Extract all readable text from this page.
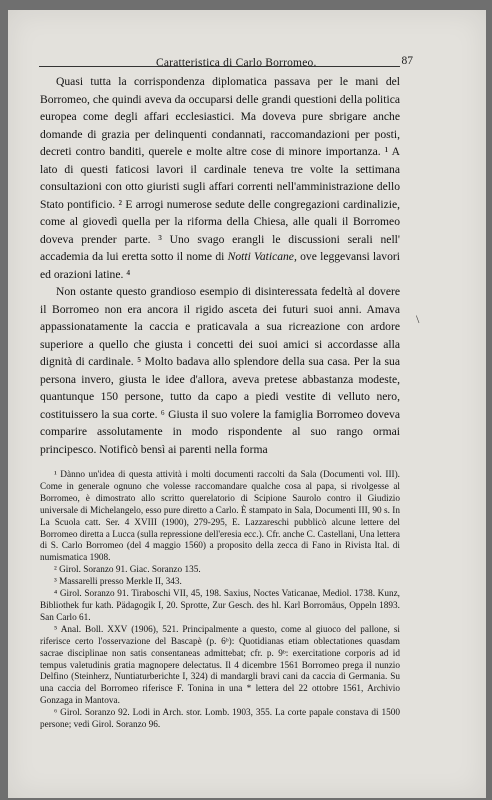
Caratteristica di Carlo Borromeo.	87

Quasi tutta la corrispondenza diplomatica passava per le mani del Borromeo, che quindi aveva da occuparsi delle grandi questioni della politica europea come degli affari ecclesiastici. Ma doveva pure sbrigare anche domande di grazia per delinquenti condannati, raccomandazioni per posti, decreti contro banditi, querele e molte altre cose di minore importanza. ¹ A lato di questi faticosi lavori il cardinale teneva tre volte la settimana consultazioni con otto giuristi sugli affari correnti nell'amministrazione dello Stato pontificio. ² E arrogi numerose sedute delle congregazioni cardinalizie, come al giovedì quella per la riforma della Chiesa, alle quali il Borromeo doveva prender parte. ³ Uno svago erangli le discussioni serali nell' accademia da lui eretta sotto il nome di Notti Vaticane, ove leggevansi lavori ed orazioni latine. ⁴

Non ostante questo grandioso esempio di disinteressata fedeltà al dovere il Borromeo non era ancora il rigido asceta dei futuri suoi anni. Amava appassionatamente la caccia e praticavala a sua ricreazione con ardore superiore a quello che giusta i concetti dei suoi amici si accordasse alla dignità di cardinale. ⁵ Molto badava allo splendore della sua casa. Per la sua persona invero, giusta le idee d'allora, aveva pretese abbastanza modeste, quantunque 150 persone, tutto da capo a piedi vestite di velluto nero, costituissero la sua corte. ⁶ Giusta il suo volere la famiglia Borromeo doveva comparire assolutamente in modo rispondente al suo rango ormai principesco. Notificò bensì ai parenti nella forma

\

¹ Dànno un'idea di questa attività i molti documenti raccolti da Sala (Documenti vol. III). Come in generale ognuno che volesse raccomandare qualche cosa al papa, si rivolgesse al Borromeo, è dimostrato allo scritto querelatorio di Scipione Saurolo contro il Giudizio universale di Michelangelo, esso pure diretto a Carlo. È stampato in Sala, Documenti III, 90 s. In La Scuola catt. Ser. 4 XVIII (1900), 279-295, E. Lazzareschi pubblicò alcune lettere del Borromeo diretta a Lucca (sulla repressione dell'eresia ecc.). Cfr. anche C. Castellani, Una lettera di S. Carlo Borromeo (del 4 maggio 1560) a proposito della zecca di Fano in Rivista Ital. di numismatica 1908.

² Girol. Soranzo 91. Giac. Soranzo 135.

³ Massarelli presso Merkle II, 343.

⁴ Girol. Soranzo 91. Tiraboschi VII, 45, 198. Saxius, Noctes Vaticanae, Mediol. 1738. Kunz, Bibliothek fur kath. Pädagogik I, 20. Sprotte, Zur Gesch. des hl. Karl Borromäus, Oppeln 1893. San Carlo 61.

⁵ Anal. Boll. XXV (1906), 521. Principalmente a questo, come al giuoco del pallone, si riferisce certo l'osservazione del Bascapè (p. 6ᵇ): Quotidianas etiam oblectationes quasdam sacrae disciplinae non satis consentaneas admittebat; cfr. p. 9ᵇ: exercitatione corporis ad id tempus valetudinis gratia magnopere delectatus. Il 4 dicembre 1561 Borromeo prega il nunzio Delfino (Steinherz, Nuntiaturberichte I, 324) di mandargli bravi cani da caccia di Germania. Su una caccia del Borromeo riferisce F. Tonina in una * lettera del 22 ottobre 1561, Archivio Gonzaga in Mantova.

⁶ Girol. Soranzo 92. Lodi in Arch. stor. Lomb. 1903, 355. La corte papale constava di 1500 persone; vedi Girol. Soranzo 96.
